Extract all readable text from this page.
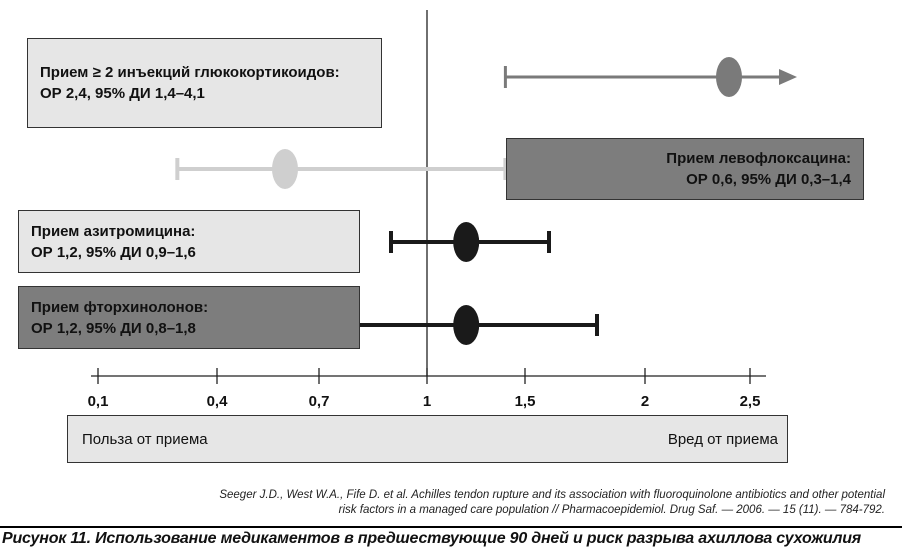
0,1	0,4	0,7	1	1,5	2	2,5
Прием ≥ 2 инъекций глюкокортикоидов:
ОР 2,4, 95% ДИ 1,4–4,1
Прием левофлоксацина:
ОР 0,6, 95% ДИ 0,3–1,4
Прием азитромицина:
ОР 1,2, 95% ДИ 0,9–1,6
Прием фторхинолонов:
ОР 1,2, 95% ДИ 0,8–1,8
Польза от приема	Вред от приема
Seeger J.D., West W.A., Fife D. et al. Achilles tendon rupture and its association with fluoroquinolone antibiotics and other potential
risk factors in a managed care population // Pharmacoepidemiol. Drug Saf. — 2006. — 15 (11). — 784-792.
Рисунок 11. Использование медикаментов в предшествующие 90 дней и риск разрыва ахиллова сухожилия
